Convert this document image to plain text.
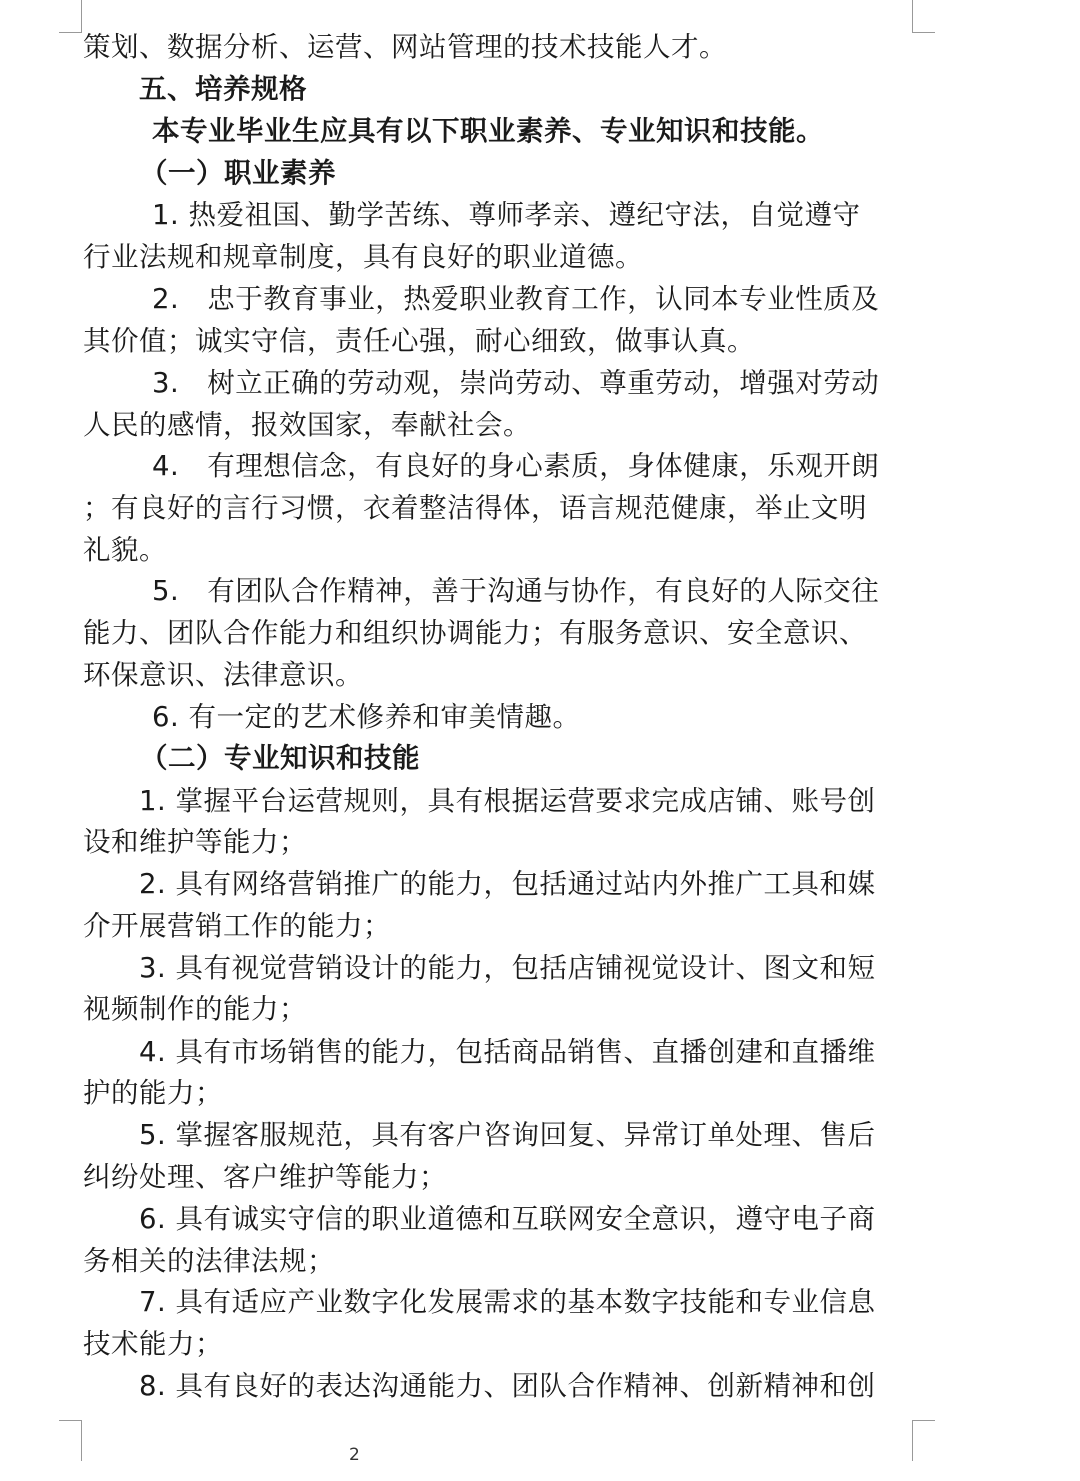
策划、数据分析、运营、网站管理的技术技能人才。
五、培养规格
本专业毕业生应具有以下职业素养、专业知识和技能。
（一）职业素养
1. 热爱祖国、勤学苦练、尊师孝亲、遵纪守法，自觉遵守
行业法规和规章制度，具有良好的职业道德。
2.　忠于教育事业，热爱职业教育工作，认同本专业性质及
其价值；诚实守信，责任心强，耐心细致，做事认真。
3.　树立正确的劳动观，崇尚劳动、尊重劳动，增强对劳动
人民的感情，报效国家，奉献社会。
4.　有理想信念，有良好的身心素质，身体健康，乐观开朗
；有良好的言行习惯，衣着整洁得体，语言规范健康，举止文明
礼貌。
5.　有团队合作精神，善于沟通与协作，有良好的人际交往
能力、团队合作能力和组织协调能力；有服务意识、安全意识、
环保意识、法律意识。
6. 有一定的艺术修养和审美情趣。
（二）专业知识和技能
1. 掌握平台运营规则，具有根据运营要求完成店铺、账号创
设和维护等能力；
2. 具有网络营销推广的能力，包括通过站内外推广工具和媒
介开展营销工作的能力；
3. 具有视觉营销设计的能力，包括店铺视觉设计、图文和短
视频制作的能力；
4. 具有市场销售的能力，包括商品销售、直播创建和直播维
护的能力；
5. 掌握客服规范，具有客户咨询回复、异常订单处理、售后
纠纷处理、客户维护等能力；
6. 具有诚实守信的职业道德和互联网安全意识，遵守电子商
务相关的法律法规；
7. 具有适应产业数字化发展需求的基本数字技能和专业信息
技术能力；
8. 具有良好的表达沟通能力、团队合作精神、创新精神和创
2
